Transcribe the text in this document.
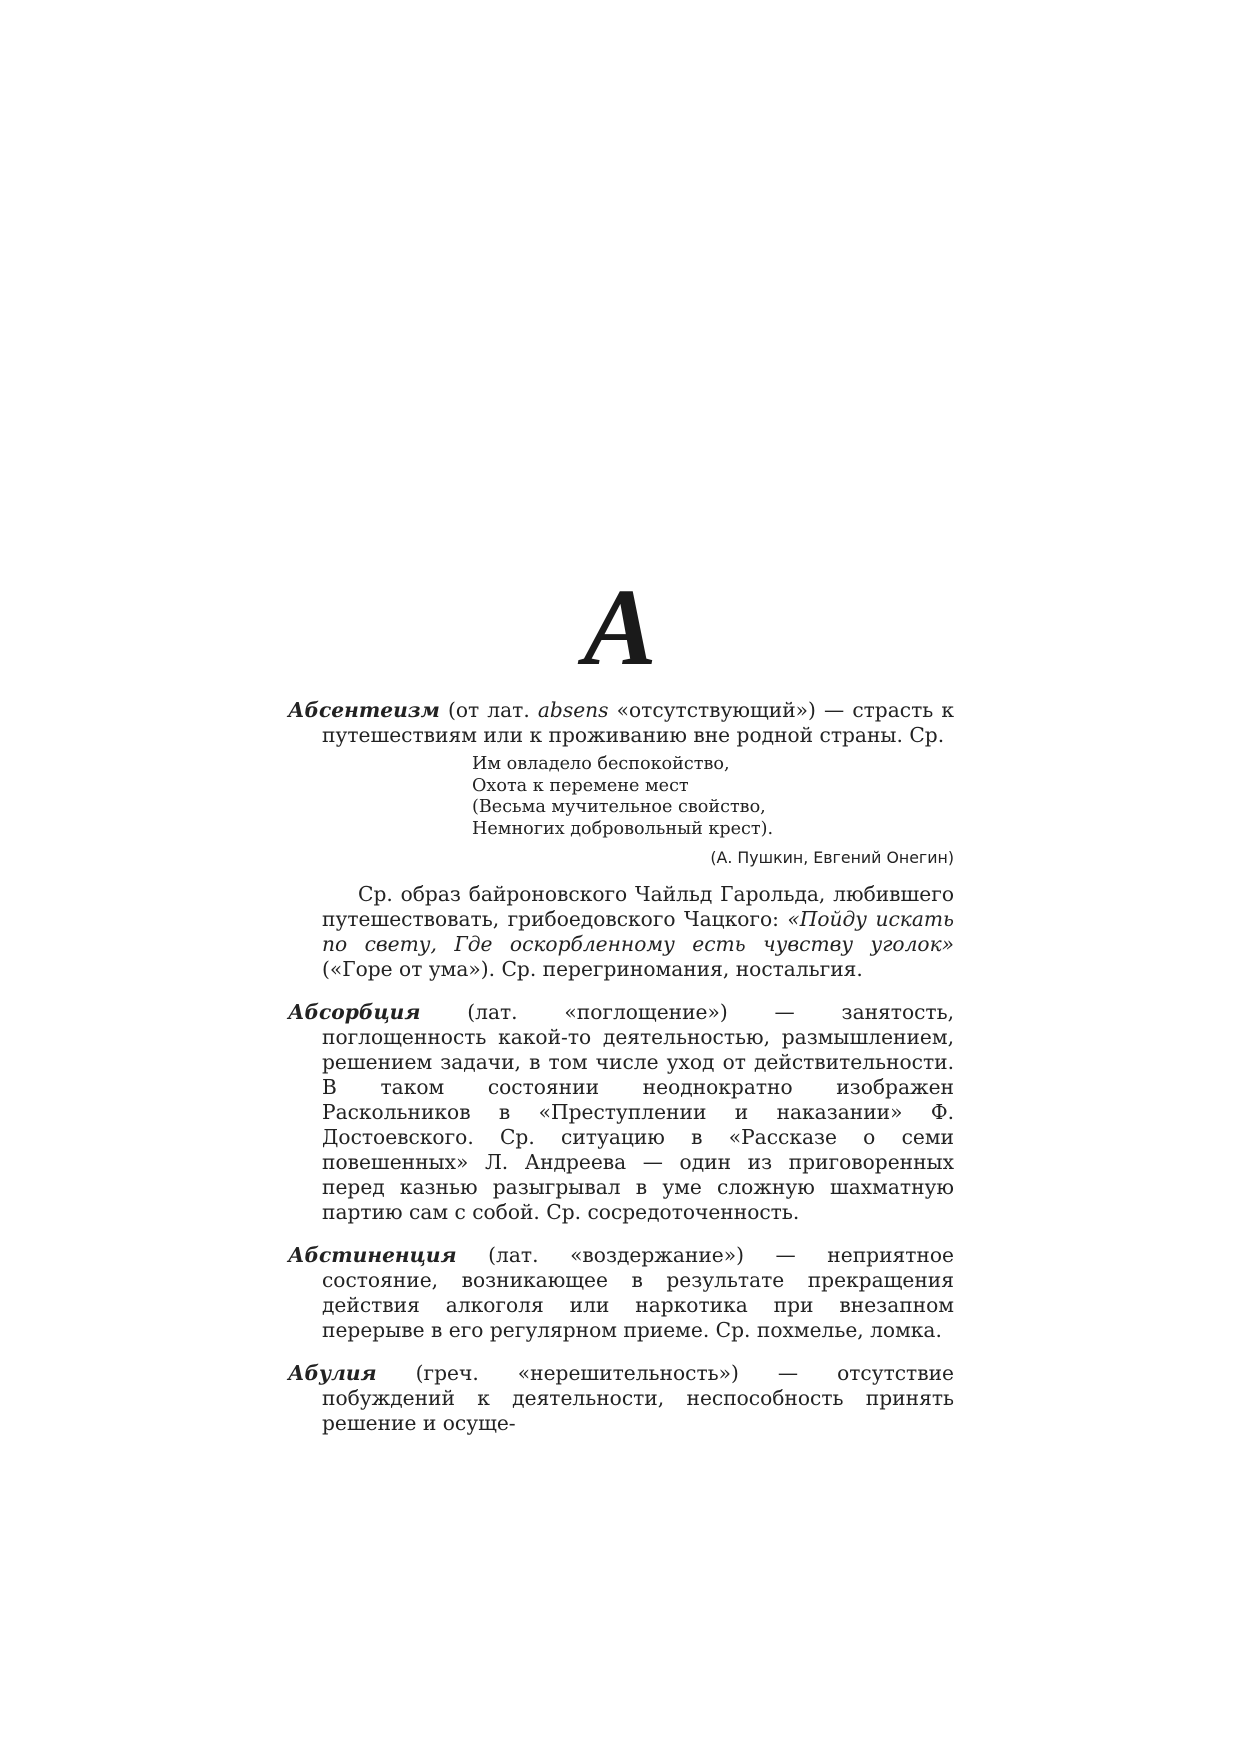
А

Абсентеизм (от лат. absens «отсутствующий») — страсть к путешествиям или к проживанию вне родной страны. Ср.

Им овладело беспокойство,
Охота к перемене мест
(Весьма мучительное свойство,
Немногих добровольный крест).
(А. Пушкин, Евгений Онегин)

Ср. образ байроновского Чайльд Гарольда, любившего путешествовать, грибоедовского Чацкого: «Пойду искать по свету, Где оскорбленному есть чувству уголок» («Горе от ума»). Ср. перегриномания, ностальгия.

Абсорбция (лат. «поглощение») — занятость, поглощенность какой-то деятельностью, размышлением, решением задачи, в том числе уход от действительности. В таком состоянии неоднократно изображен Раскольников в «Преступлении и наказании» Ф. Достоевского. Ср. ситуацию в «Рассказе о семи повешенных» Л. Андреева — один из приговоренных перед казнью разыгрывал в уме сложную шахматную партию сам с собой. Ср. сосредоточенность.

Абстиненция (лат. «воздержание») — неприятное состояние, возникающее в результате прекращения действия алкоголя или наркотика при внезапном перерыве в его регулярном приеме. Ср. похмелье, ломка.

Абулия (греч. «нерешительность») — отсутствие побуждений к деятельности, неспособность принять решение и осуще-
